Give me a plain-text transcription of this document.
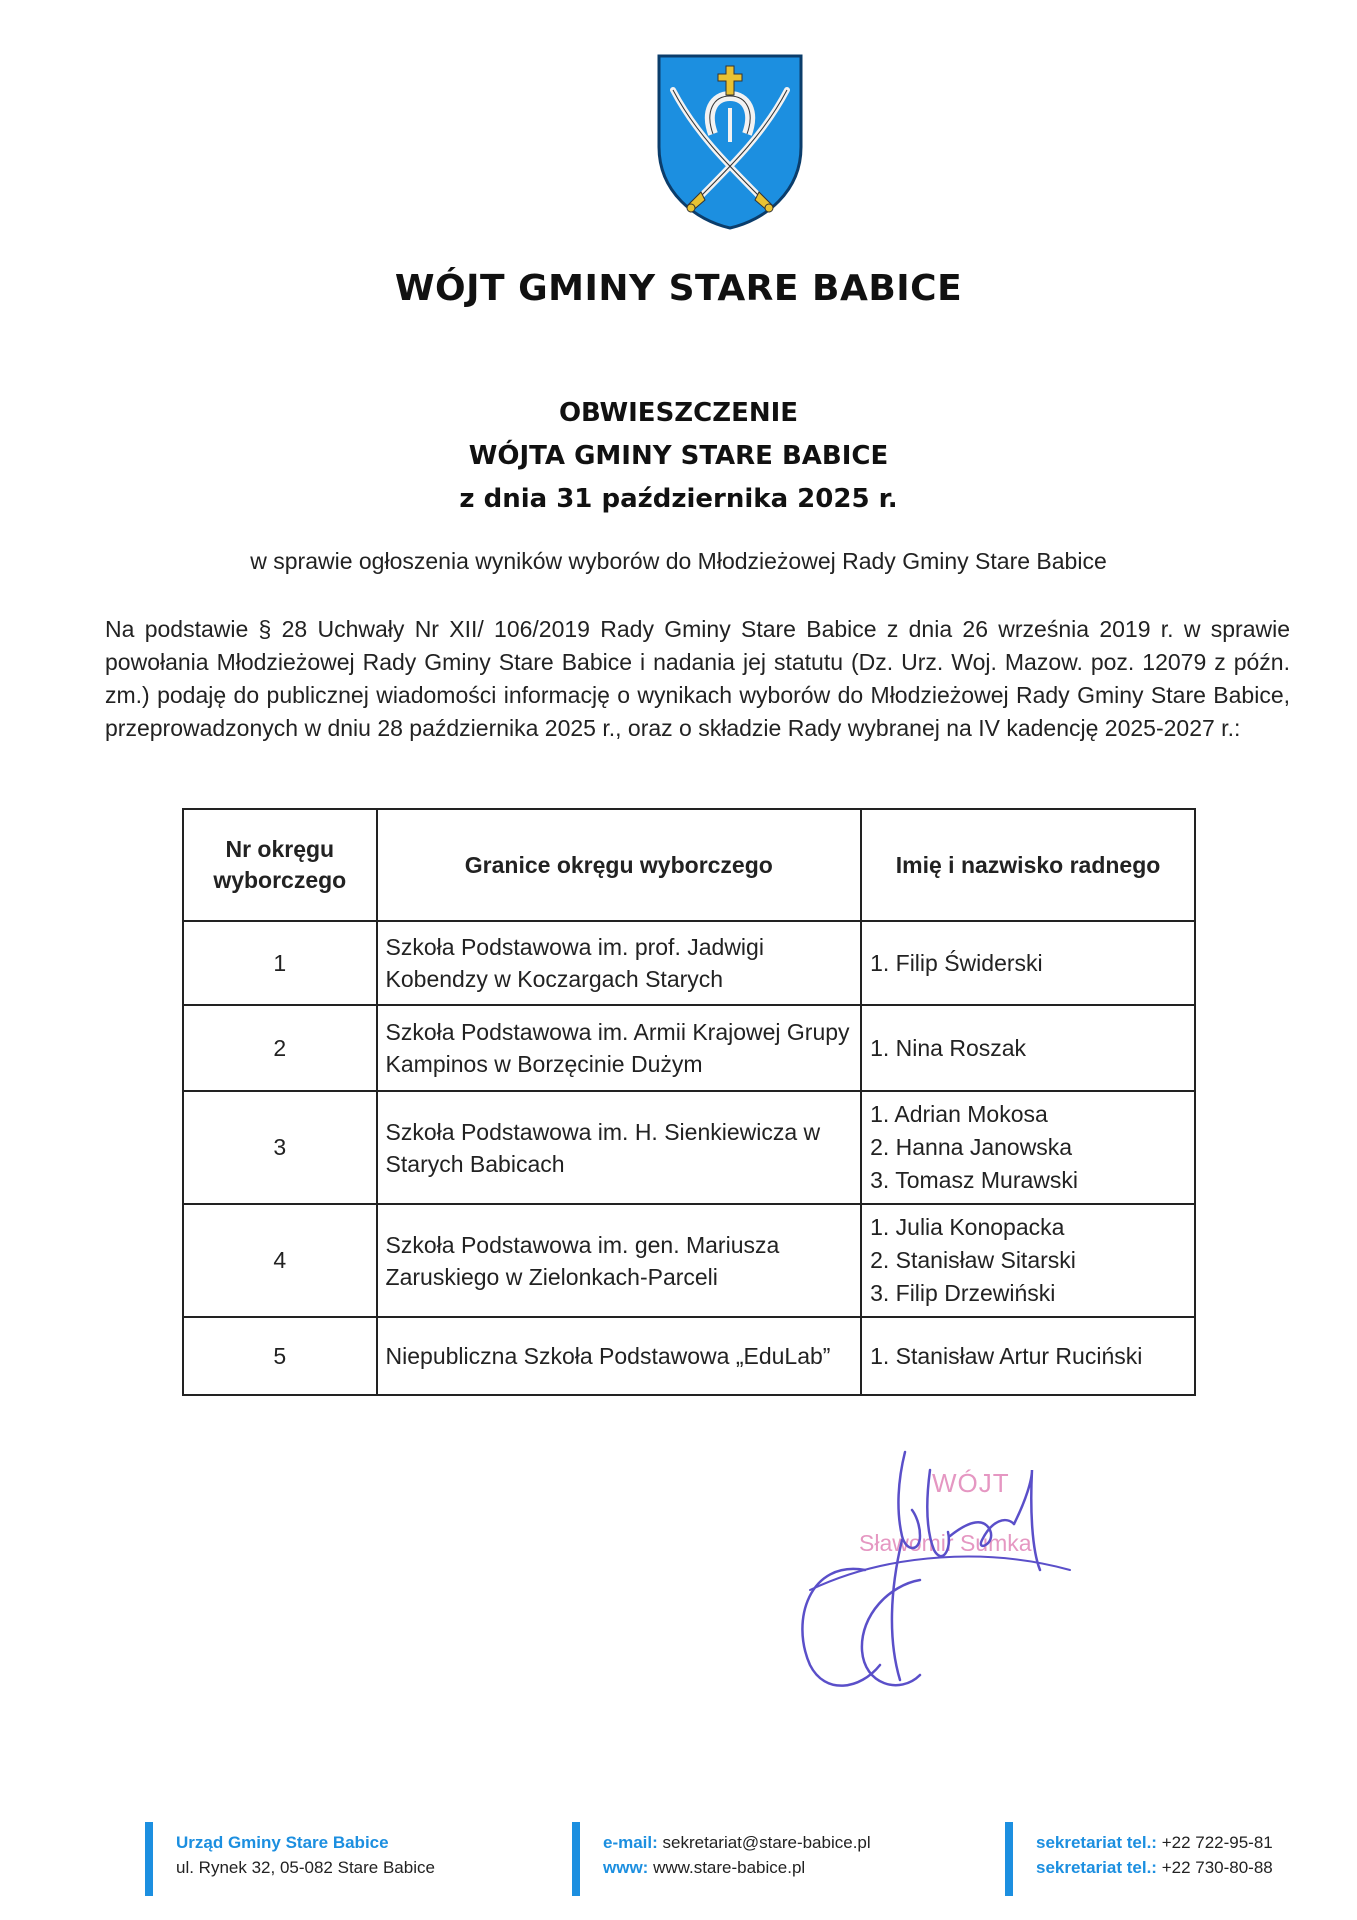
WÓJT GMINY STARE BABICE
OBWIESZCZENIE
WÓJTA GMINY STARE BABICE
z dnia 31 października 2025 r.
w sprawie ogłoszenia wyników wyborów do Młodzieżowej Rady Gminy Stare Babice
Na podstawie § 28 Uchwały Nr XII/ 106/2019 Rady Gminy Stare Babice z dnia 26 września 2019 r. w sprawie powołania Młodzieżowej Rady Gminy Stare Babice i nadania jej statutu (Dz. Urz. Woj. Mazow. poz. 12079 z późn. zm.) podaję do publicznej wiadomości informację o wynikach wyborów do Młodzieżowej Rady Gminy Stare Babice, przeprowadzonych w dniu 28 października 2025 r., oraz o składzie Rady wybranej na IV kadencję 2025-2027 r.:
Nr okręgu
wyborczego	Granice okręgu wyborczego	Imię i nazwisko radnego
1	Szkoła Podstawowa im. prof. Jadwigi Kobendzy w Koczargach Starych	1. Filip Świderski

2	Szkoła Podstawowa im. Armii Krajowej Grupy Kampinos w Borzęcinie Dużym	1. Nina Roszak

3	Szkoła Podstawowa im. H. Sienkiewicza w Starych Babicach	1. Adrian Mokosa
2. Hanna Janowska
3. Tomasz Murawski

4	Szkoła Podstawowa im. gen. Mariusza Zaruskiego w Zielonkach-Parceli	1. Julia Konopacka
2. Stanisław Sitarski
3. Filip Drzewiński

5	Niepubliczna Szkoła Podstawowa „EduLab”	1. Stanisław Artur Ruciński
WÓJT
Sławomir Sumka
Urząd Gminy Stare Babice
ul. Rynek 32, 05-082 Stare Babice
e-mail: sekretariat@stare-babice.pl
www: www.stare-babice.pl
sekretariat tel.: +22 722-95-81
sekretariat tel.: +22 730-80-88
